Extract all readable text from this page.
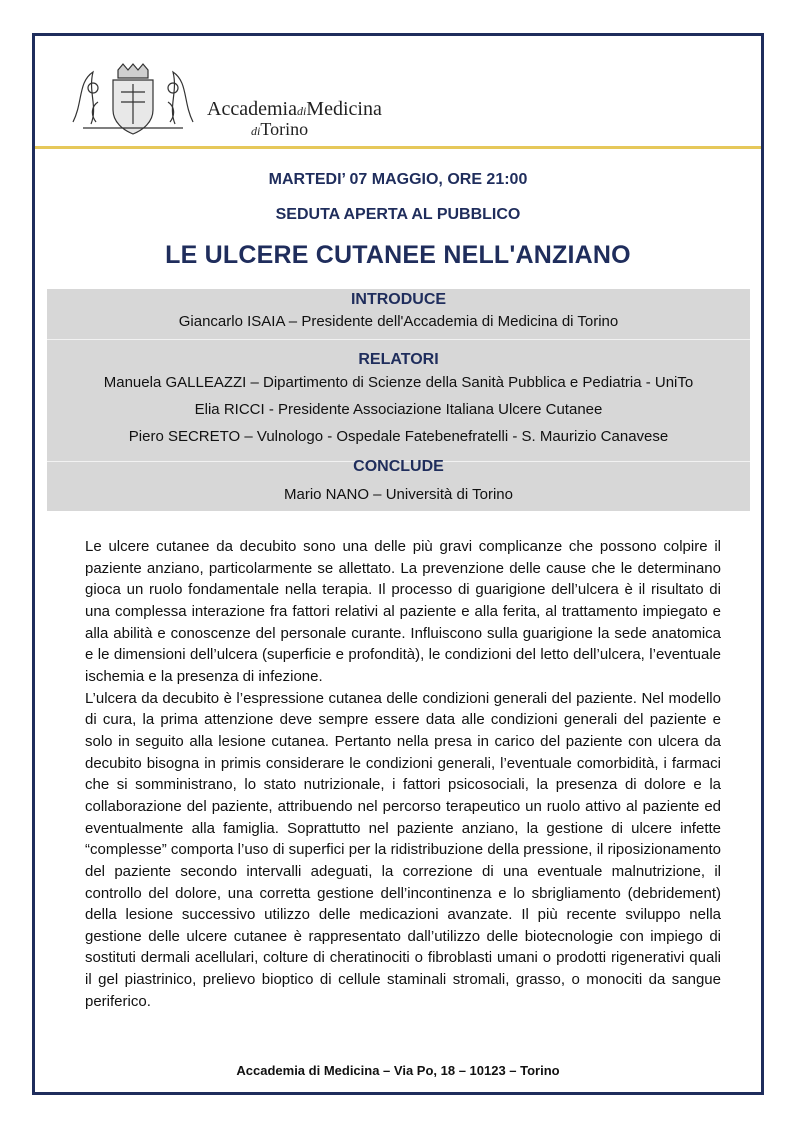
AccademiadiMedicina
diTorino
MARTEDI’ 07 MAGGIO, ORE 21:00
SEDUTA APERTA AL PUBBLICO
LE ULCERE CUTANEE NELL'ANZIANO
INTRODUCE
Giancarlo ISAIA – Presidente dell'Accademia di Medicina di Torino
RELATORI
Manuela GALLEAZZI – Dipartimento di Scienze della Sanità Pubblica e Pediatria - UniTo
Elia RICCI - Presidente Associazione Italiana Ulcere Cutanee
Piero SECRETO – Vulnologo - Ospedale Fatebenefratelli - S. Maurizio Canavese
CONCLUDE
Mario NANO – Università di Torino

Le ulcere cutanee da decubito sono una delle più gravi complicanze che possono colpire il paziente anziano, particolarmente se allettato. La prevenzione delle cause che le determinano gioca un ruolo fondamentale nella terapia. Il processo di guarigione dell’ulcera è il risultato di una complessa interazione fra fattori relativi al paziente e alla ferita, al trattamento impiegato e alla abilità e conoscenze del personale curante. Influiscono sulla guarigione la sede anatomica e le dimensioni dell’ulcera (superficie e profondità), le condizioni del letto dell’ulcera, l’eventuale ischemia e la presenza di infezione.

L’ulcera da decubito è l’espressione cutanea delle condizioni generali del paziente. Nel modello di cura, la prima attenzione deve sempre essere data alle condizioni generali del paziente e solo in seguito alla lesione cutanea. Pertanto nella presa in carico del paziente con ulcera da decubito bisogna in primis considerare le condizioni generali, l’eventuale comorbidità, i farmaci che si somministrano, lo stato nutrizionale, i fattori psicosociali, la presenza di dolore e la collaborazione del paziente, attribuendo nel percorso terapeutico un ruolo attivo al paziente ed eventualmente alla famiglia. Soprattutto nel paziente anziano, la gestione di ulcere infette “complesse” comporta l’uso di superfici per la ridistribuzione della pressione, il riposizionamento del paziente secondo intervalli adeguati, la correzione di una eventuale malnutrizione, il controllo del dolore, una corretta gestione dell’incontinenza e lo sbrigliamento (debridement) della lesione successivo utilizzo delle medicazioni avanzate. Il più recente sviluppo nella gestione delle ulcere cutanee è rappresentato dall’utilizzo delle biotecnologie con impiego di sostituti dermali acellulari, colture di cheratinociti o fibroblasti umani o prodotti rigenerativi quali il gel piastrinico, prelievo bioptico di cellule staminali stromali, grasso, o monociti da sangue periferico.

Accademia di Medicina – Via Po, 18 – 10123 – Torino
